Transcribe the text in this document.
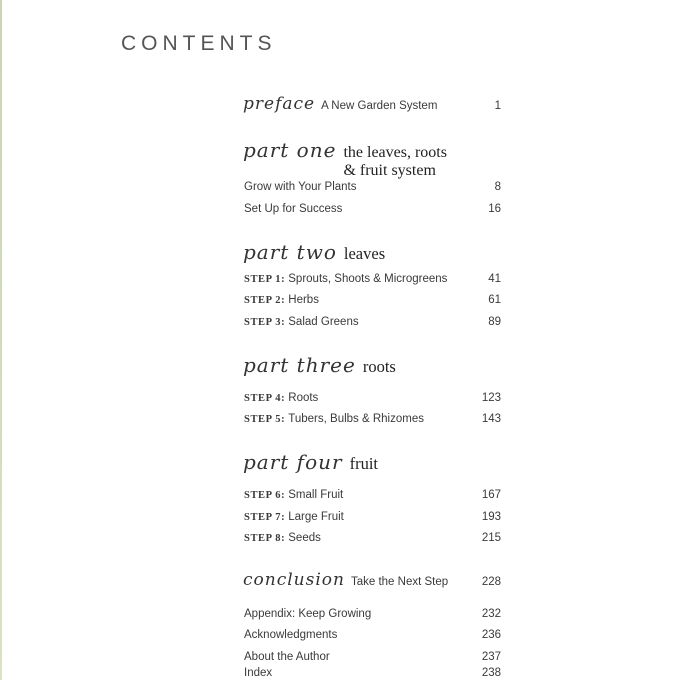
CONTENTS
preface A New Garden System	1
part one the leaves, roots
& fruit system
Grow with Your Plants	8
Set Up for Success	16
part two leaves
STEP 1: Sprouts, Shoots & Microgreens	41
STEP 2: Herbs	61
STEP 3: Salad Greens	89
part three roots
STEP 4: Roots	123
STEP 5: Tubers, Bulbs & Rhizomes	143
part four fruit
STEP 6: Small Fruit	167
STEP 7: Large Fruit	193
STEP 8: Seeds	215
conclusion Take the Next Step	228
Appendix: Keep Growing	232
Acknowledgments	236
About the Author	237
Index	238
